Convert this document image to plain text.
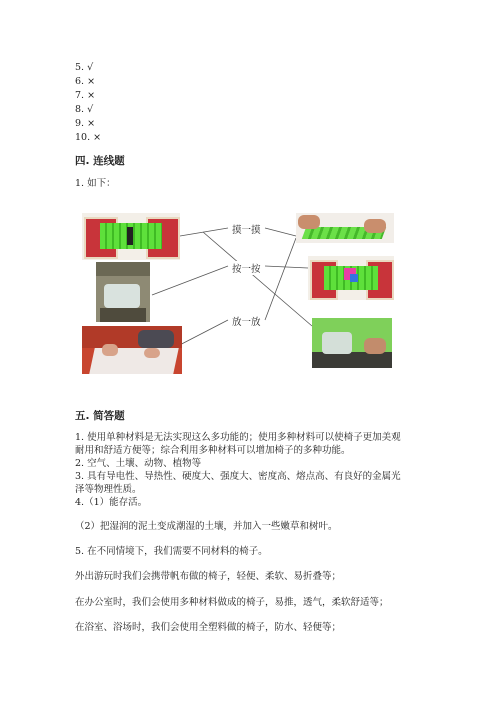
5. √
6. ×
7. ×
8. √
9. ×
10. ×
四. 连线题
1. 如下：
摸一摸
按一按
放一放
五. 简答题
1. 使用单种材料是无法实现这么多功能的；使用多种材料可以使椅子更加美观
耐用和舒适方便等；综合利用多种材料可以增加椅子的多种功能。
2. 空气、土壤、动物、植物等
3. 具有导电性、导热性、硬度大、强度大、密度高、熔点高、有良好的金属光
泽等物理性质。
4.（1）能存活。
（2）把湿润的泥土变成潮湿的土壤，并加入一些嫩草和树叶。
5. 在不同情境下，我们需要不同材料的椅子。
外出游玩时我们会携带帆布做的椅子，轻便、柔软、易折叠等；
在办公室时，我们会使用多种材料做成的椅子，易推，透气，柔软舒适等；
在浴室、浴场时，我们会使用全塑料做的椅子，防水、轻便等；
